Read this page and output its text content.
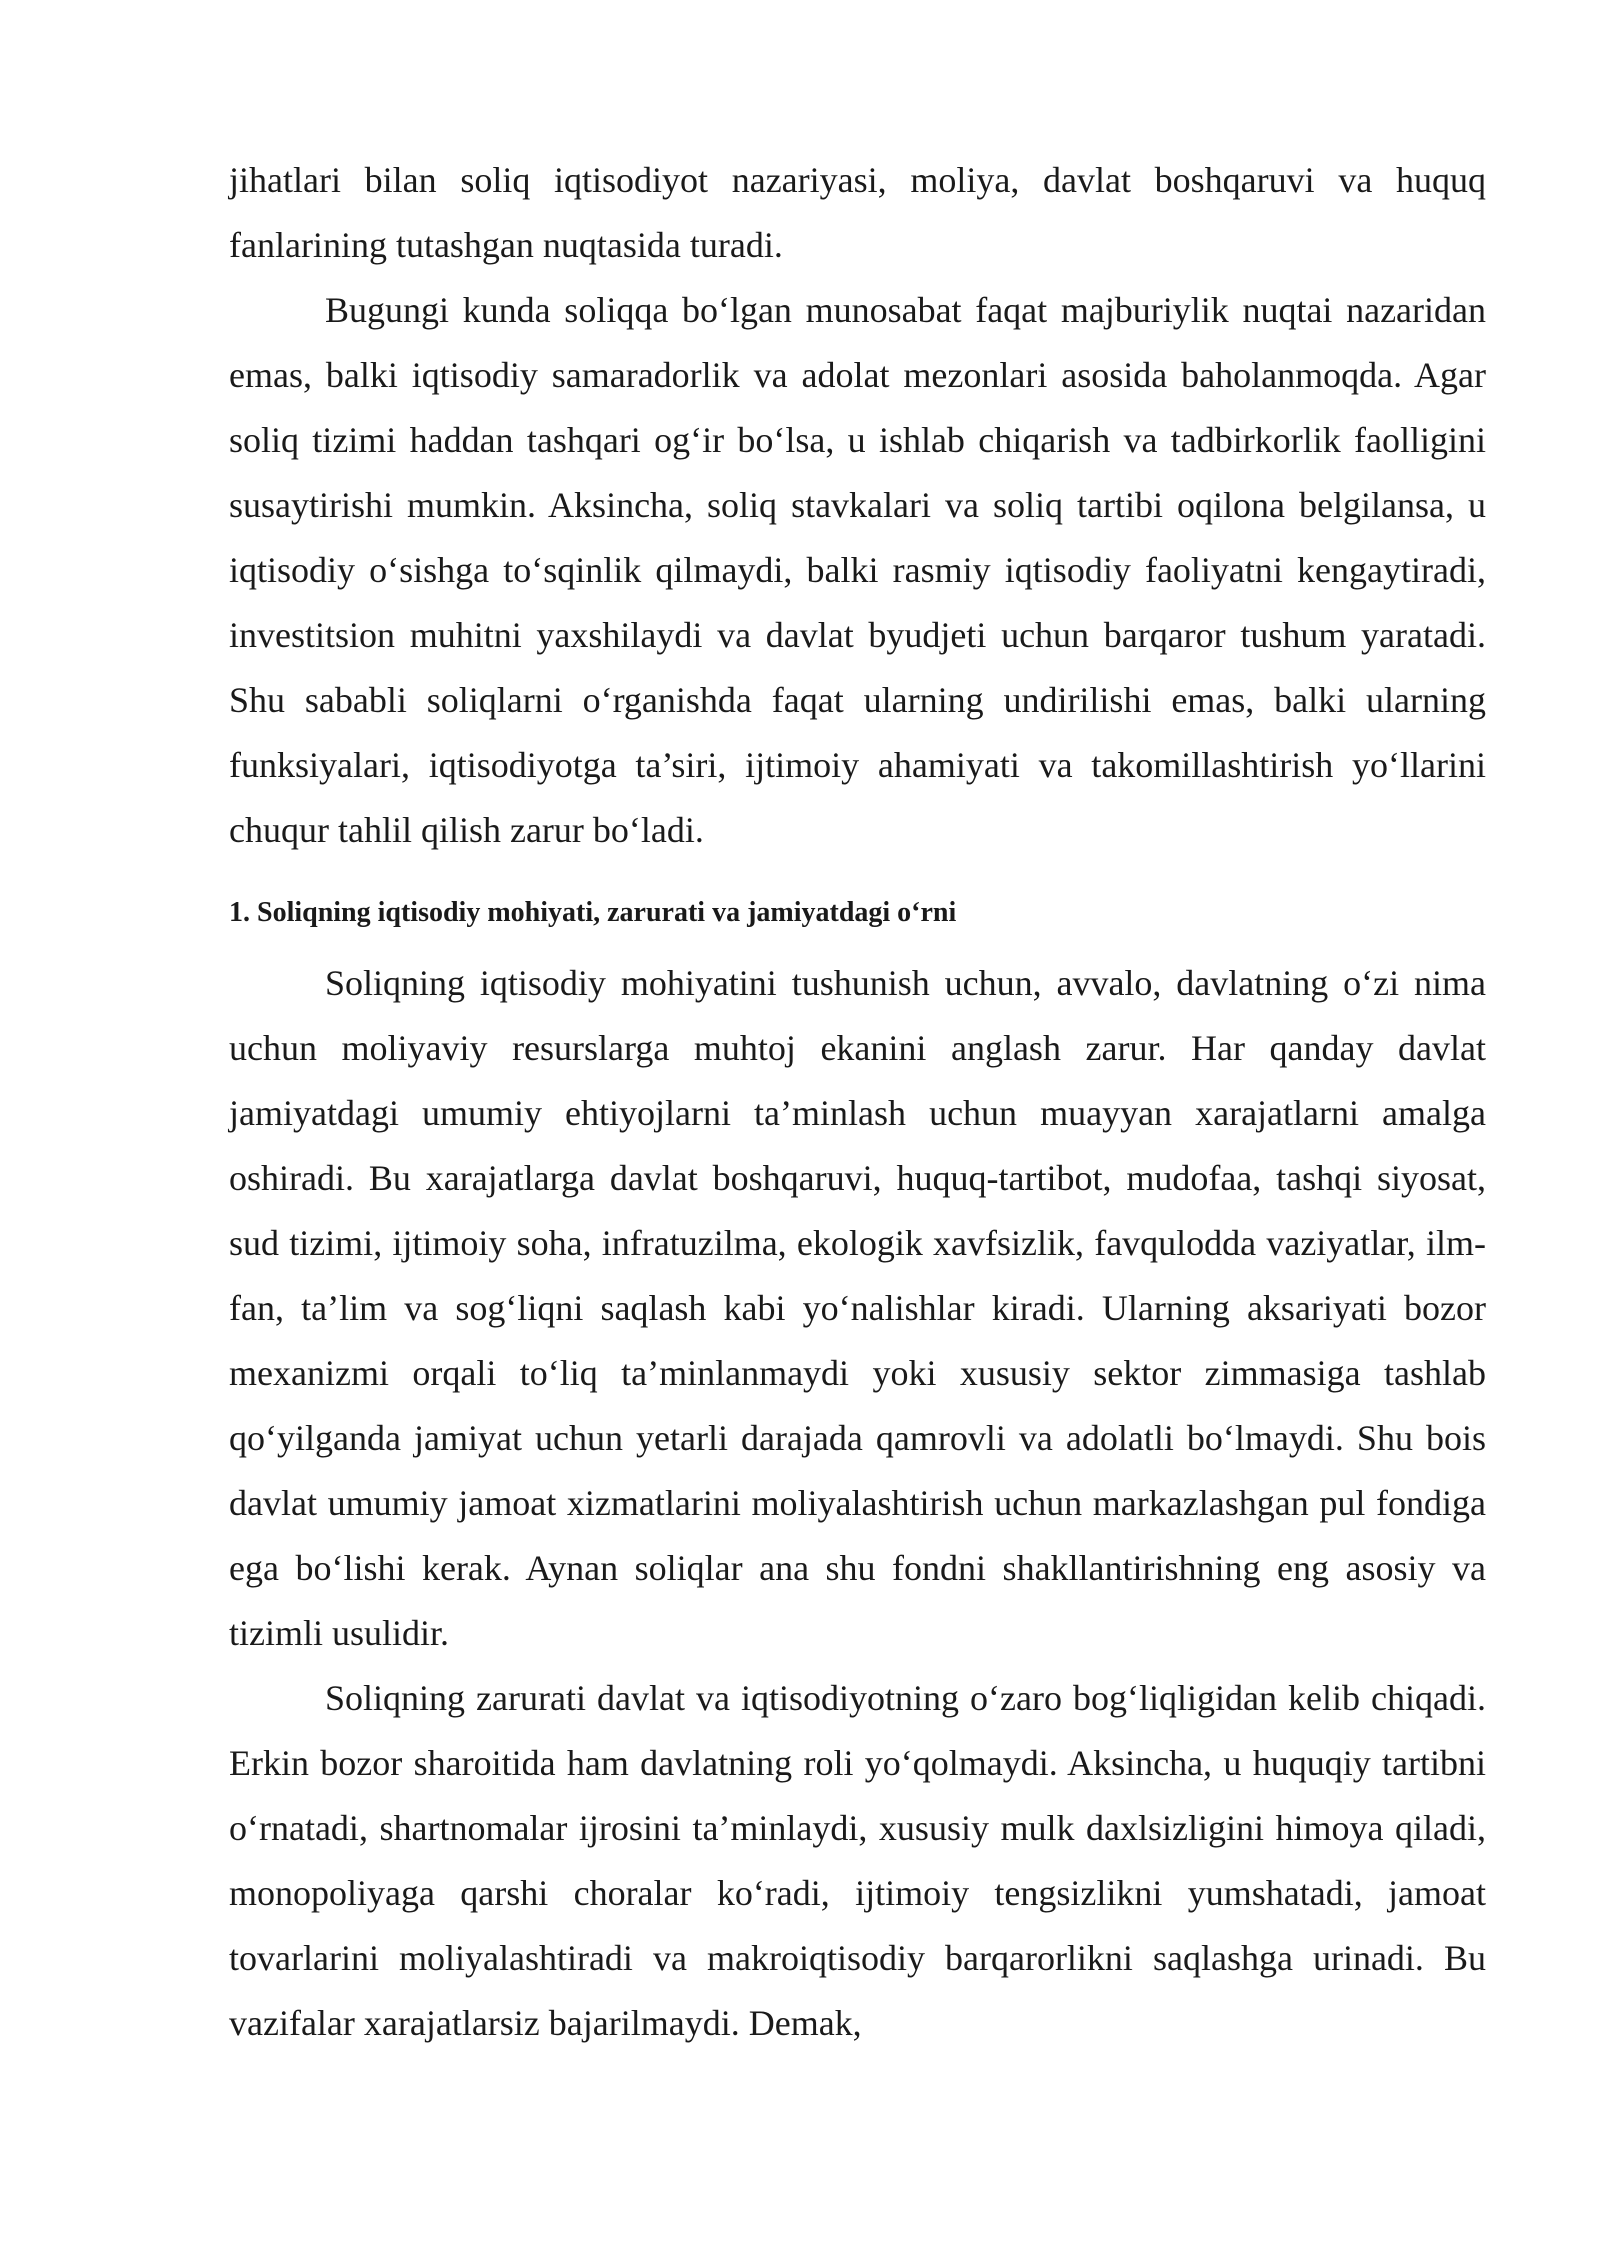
jihatlari bilan soliq iqtisodiyot nazariyasi, moliya, davlat boshqaruvi va huquq fanlarining tutashgan nuqtasida turadi.

Bugungi kunda soliqqa bo‘lgan munosabat faqat majburiylik nuqtai nazaridan emas, balki iqtisodiy samaradorlik va adolat mezonlari asosida baholanmoqda. Agar soliq tizimi haddan tashqari og‘ir bo‘lsa, u ishlab chiqarish va tadbirkorlik faolligini susaytirishi mumkin. Aksincha, soliq stavkalari va soliq tartibi oqilona belgilansa, u iqtisodiy o‘sishga to‘sqinlik qilmaydi, balki rasmiy iqtisodiy faoliyatni kengaytiradi, investitsion muhitni yaxshilaydi va davlat byudjeti uchun barqaror tushum yaratadi. Shu sababli soliqlarni o‘rganishda faqat ularning undirilishi emas, balki ularning funksiyalari, iqtisodiyotga ta’siri, ijtimoiy ahamiyati va takomillashtirish yo‘llarini chuqur tahlil qilish zarur bo‘ladi.

1. Soliqning iqtisodiy mohiyati, zarurati va jamiyatdagi o‘rni

Soliqning iqtisodiy mohiyatini tushunish uchun, avvalo, davlatning o‘zi nima uchun moliyaviy resurslarga muhtoj ekanini anglash zarur. Har qanday davlat jamiyatdagi umumiy ehtiyojlarni ta’minlash uchun muayyan xarajatlarni amalga oshiradi. Bu xarajatlarga davlat boshqaruvi, huquq-tartibot, mudofaa, tashqi siyosat, sud tizimi, ijtimoiy soha, infratuzilma, ekologik xavfsizlik, favqulodda vaziyatlar, ilm-fan, ta’lim va sog‘liqni saqlash kabi yo‘nalishlar kiradi. Ularning aksariyati bozor mexanizmi orqali to‘liq ta’minlanmaydi yoki xususiy sektor zimmasiga tashlab qo‘yilganda jamiyat uchun yetarli darajada qamrovli va adolatli bo‘lmaydi. Shu bois davlat umumiy jamoat xizmatlarini moliyalashtirish uchun markazlashgan pul fondiga ega bo‘lishi kerak. Aynan soliqlar ana shu fondni shakllantirishning eng asosiy va tizimli usulidir.

Soliqning zarurati davlat va iqtisodiyotning o‘zaro bog‘liqligidan kelib chiqadi. Erkin bozor sharoitida ham davlatning roli yo‘qolmaydi. Aksincha, u huquqiy tartibni o‘rnatadi, shartnomalar ijrosini ta’minlaydi, xususiy mulk daxlsizligini himoya qiladi, monopoliyaga qarshi choralar ko‘radi, ijtimoiy tengsizlikni yumshatadi, jamoat tovarlarini moliyalashtiradi va makroiqtisodiy barqarorlikni saqlashga urinadi. Bu vazifalar xarajatlarsiz bajarilmaydi. Demak,
